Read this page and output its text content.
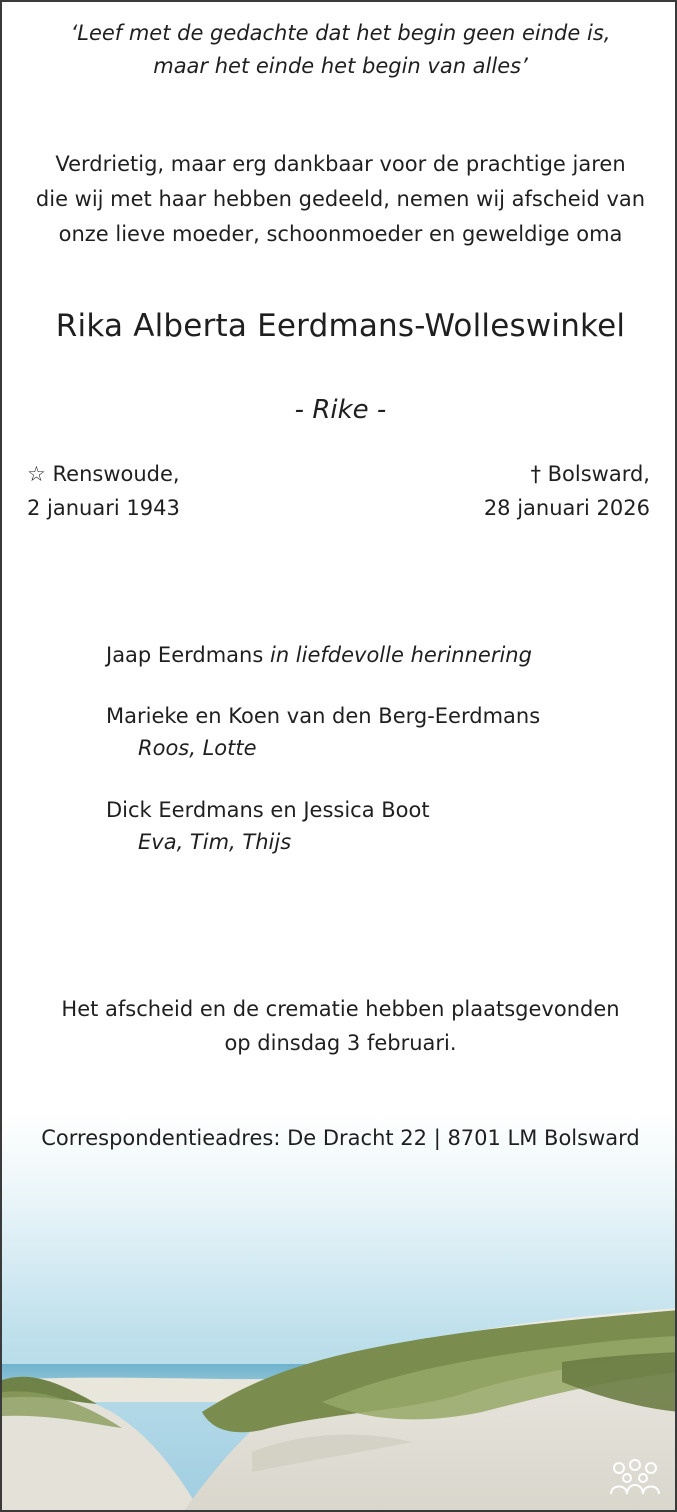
‘Leef met de gedachte dat het begin geen einde is,
maar het einde het begin van alles’
Verdrietig, maar erg dankbaar voor de prachtige jaren
die wij met haar hebben gedeeld, nemen wij afscheid van
onze lieve moeder, schoonmoeder en geweldige oma
Rika Alberta Eerdmans-Wolleswinkel
- Rike -
☆ Renswoude,
2 januari 1943
† Bolsward,
28 januari 2026
Jaap Eerdmans in liefdevolle herinnering
Marieke en Koen van den Berg-Eerdmans
Roos, Lotte
Dick Eerdmans en Jessica Boot
Eva, Tim, Thijs
Het afscheid en de crematie hebben plaatsgevonden
op dinsdag 3 februari.
Correspondentieadres: De Dracht 22 | 8701 LM Bolsward
